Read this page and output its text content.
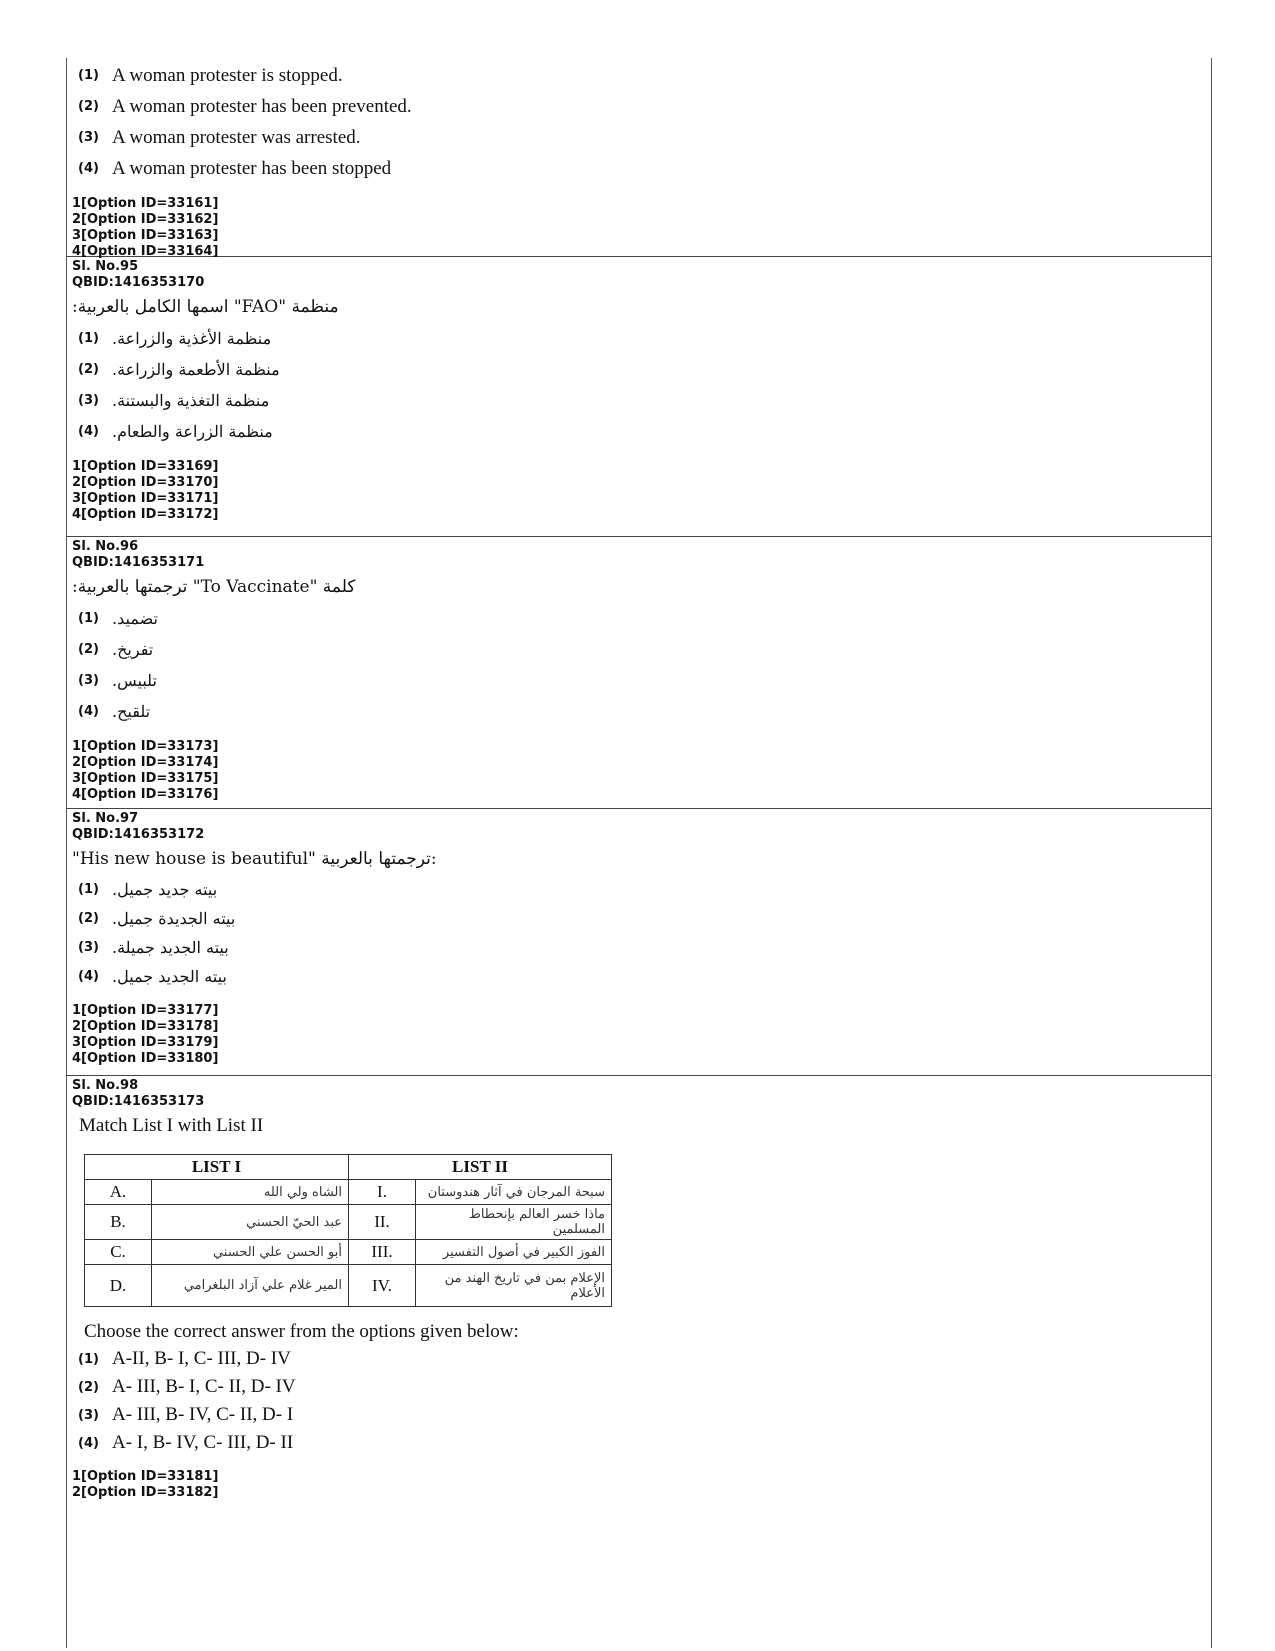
(1) A woman protester is stopped.
(2) A woman protester has been prevented.
(3) A woman protester was arrested.
(4) A woman protester has been stopped
1[Option ID=33161]
2[Option ID=33162]
3[Option ID=33163]
4[Option ID=33164]
Sl. No.95
QBID:1416353170
منظمة "FAO" اسمها الكامل بالعربية:
(1) منظمة الأغذية والزراعة.
(2) منظمة الأطعمة والزراعة.
(3) منظمة التغذية والبستنة.
(4) منظمة الزراعة والطعام.
1[Option ID=33169]
2[Option ID=33170]
3[Option ID=33171]
4[Option ID=33172]
Sl. No.96
QBID:1416353171
كلمة "To Vaccinate" ترجمتها بالعربية:
(1) تضميد.
(2) تفريخ.
(3) تلبيس.
(4) تلقيح.
1[Option ID=33173]
2[Option ID=33174]
3[Option ID=33175]
4[Option ID=33176]
Sl. No.97
QBID:1416353172
"His new house is beautiful" ترجمتها بالعربية:
(1) بيته جديد جميل.
(2) بيته الجديدة جميل.
(3) بيته الجديد جميلة.
(4) بيته الجديد جميل.
1[Option ID=33177]
2[Option ID=33178]
3[Option ID=33179]
4[Option ID=33180]
Sl. No.98
QBID:1416353173
Match List I with List II
LIST I		LIST II	
A.	الشاه ولي الله	I.	سبحة المرجان في آثار هندوستان
B.	عبد الحيّ الحسني	II.	ماذا خسر العالم بإنحطاط المسلمين
C.	أبو الحسن علي الحسني	III.	الفوز الكبير في أصول التفسير
D.	المير غلام علي آزاد البلغرامي	IV.	الإعلام بمن في تاريخ الهند من الأعلام
Choose the correct answer from the options given below:
(1) A-II, B- I, C- III, D- IV
(2) A- III, B- I, C- II, D- IV
(3) A- III, B- IV, C- II, D- I
(4) A- I, B- IV, C- III, D- II
1[Option ID=33181]
2[Option ID=33182]
